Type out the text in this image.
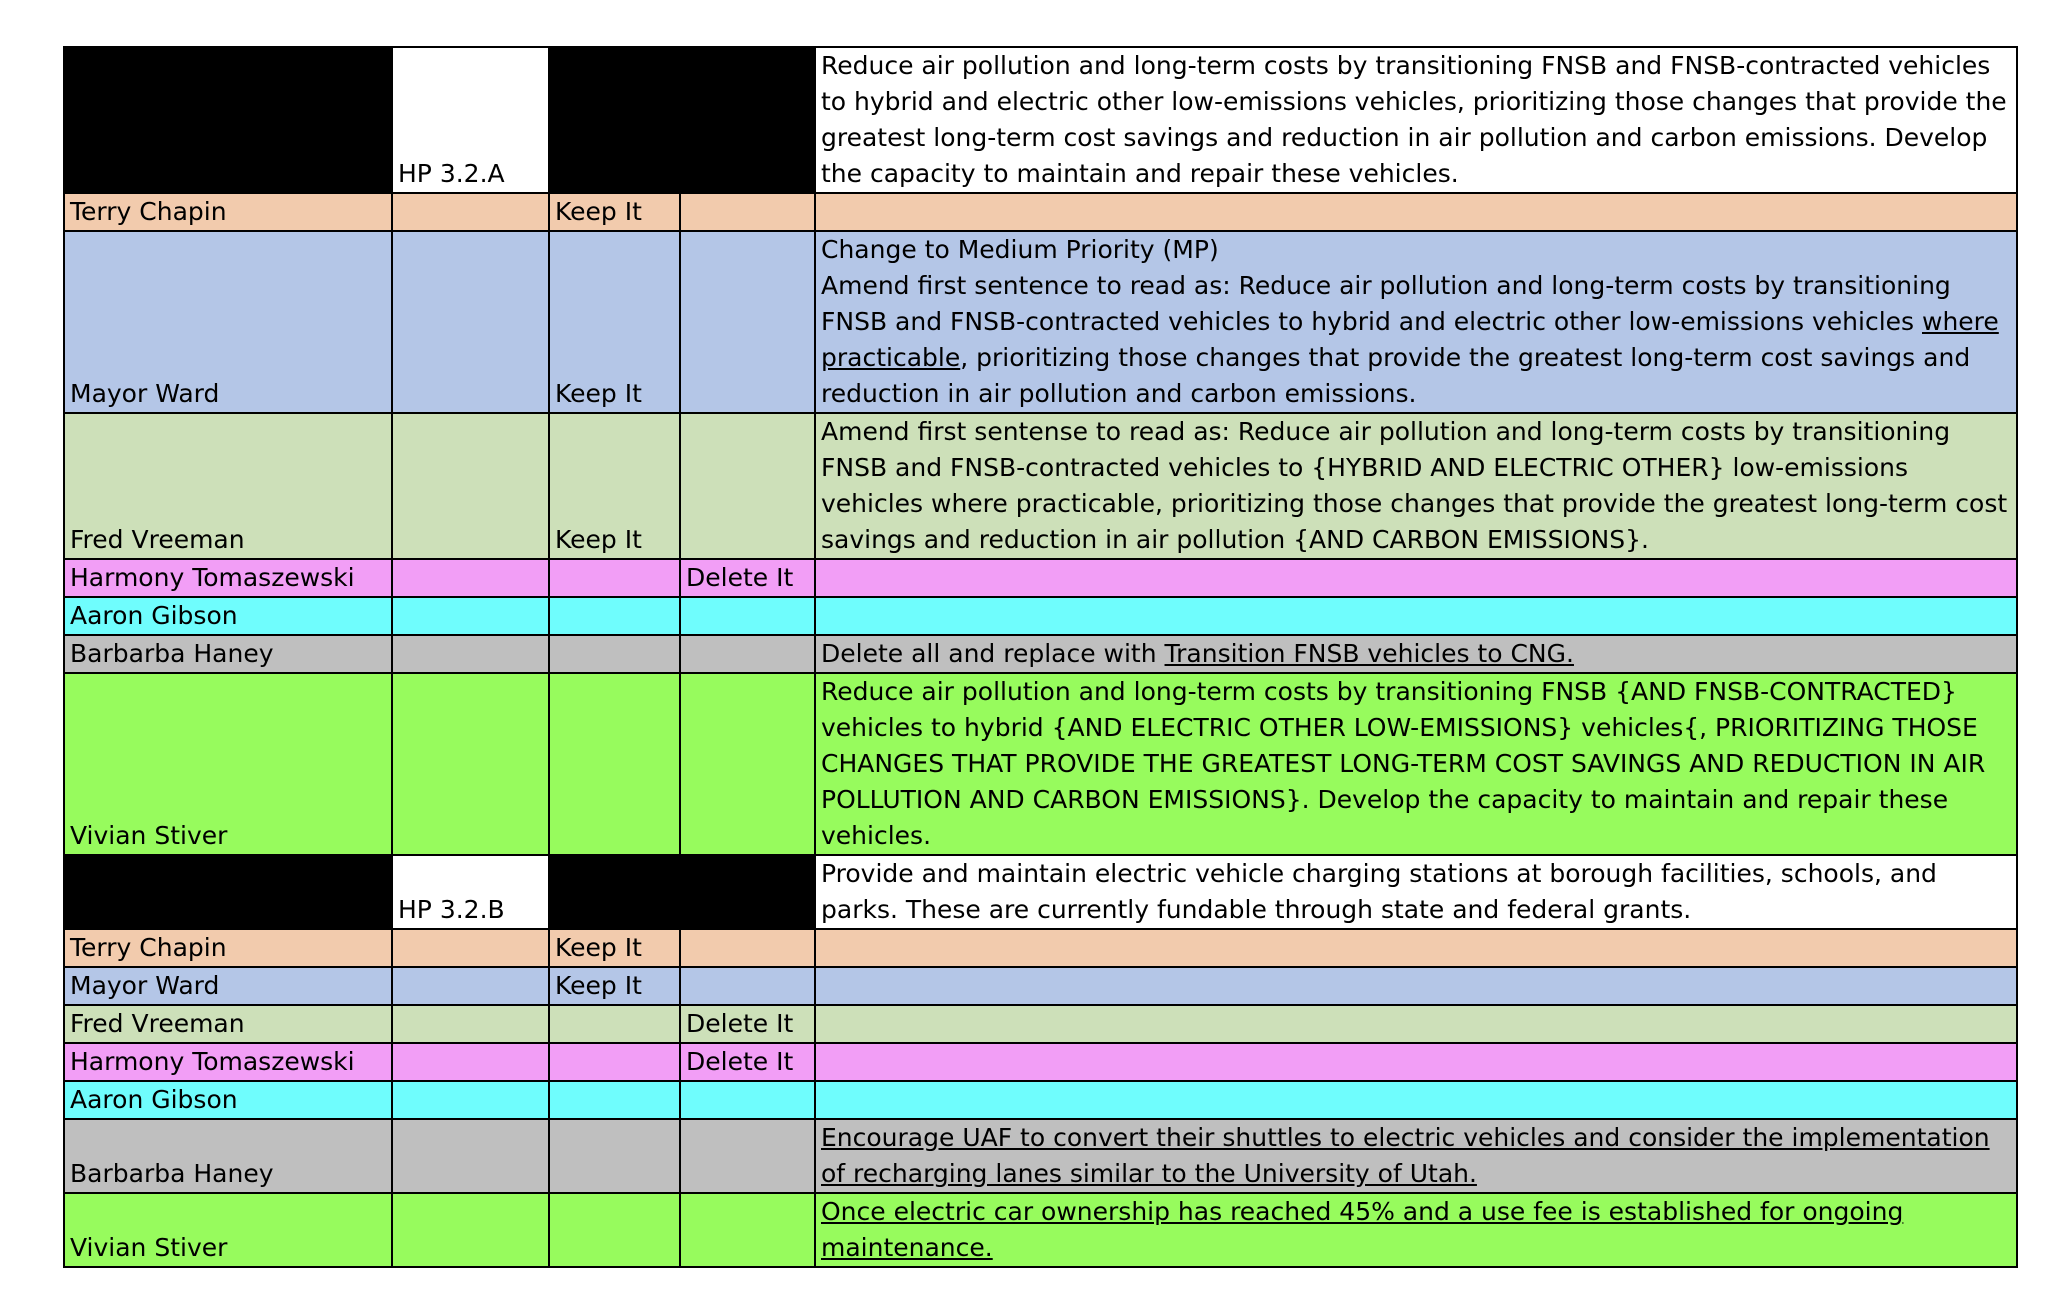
	HP 3.2.A			Reduce air pollution and long-term costs by transitioning FNSB and FNSB-contracted vehicles to hybrid and electric other low-emissions vehicles, prioritizing those changes that provide the greatest long-term cost savings and reduction in air pollution and carbon emissions. Develop the capacity to maintain and repair these vehicles.
Terry Chapin		Keep It		
Mayor Ward		Keep It		Change to Medium Priority (MP)
Amend first sentence to read as: Reduce air pollution and long-term costs by transitioning FNSB and FNSB-contracted vehicles to hybrid and electric other low-emissions vehicles where practicable, prioritizing those changes that provide the greatest long-term cost savings and reduction in air pollution and carbon emissions.
Fred Vreeman		Keep It		Amend first sentense to read as: Reduce air pollution and long-term costs by transitioning FNSB and FNSB-contracted vehicles to {HYBRID AND ELECTRIC OTHER} low-emissions vehicles where practicable, prioritizing those changes that provide the greatest long-term cost savings and reduction in air pollution {AND CARBON EMISSIONS}.
Harmony Tomaszewski			Delete It	
Aaron Gibson				
Barbarba Haney				Delete all and replace with Transition FNSB vehicles to CNG.
Vivian Stiver				Reduce air pollution and long-term costs by transitioning FNSB {AND FNSB-CONTRACTED} vehicles to hybrid {AND ELECTRIC OTHER LOW-EMISSIONS} vehicles{, PRIORITIZING THOSE CHANGES THAT PROVIDE THE GREATEST LONG-TERM COST SAVINGS AND REDUCTION IN AIR POLLUTION AND CARBON EMISSIONS}. Develop the capacity to maintain and repair these vehicles.
	HP 3.2.B			Provide and maintain electric vehicle charging stations at borough facilities, schools, and parks. These are currently fundable through state and federal grants.
Terry Chapin		Keep It		
Mayor Ward		Keep It		
Fred Vreeman			Delete It	
Harmony Tomaszewski			Delete It	
Aaron Gibson				
Barbarba Haney				Encourage UAF to convert their shuttles to electric vehicles and consider the implementation of recharging lanes similar to the University of Utah.
Vivian Stiver				Once electric car ownership has reached 45% and a use fee is established for ongoing maintenance.
